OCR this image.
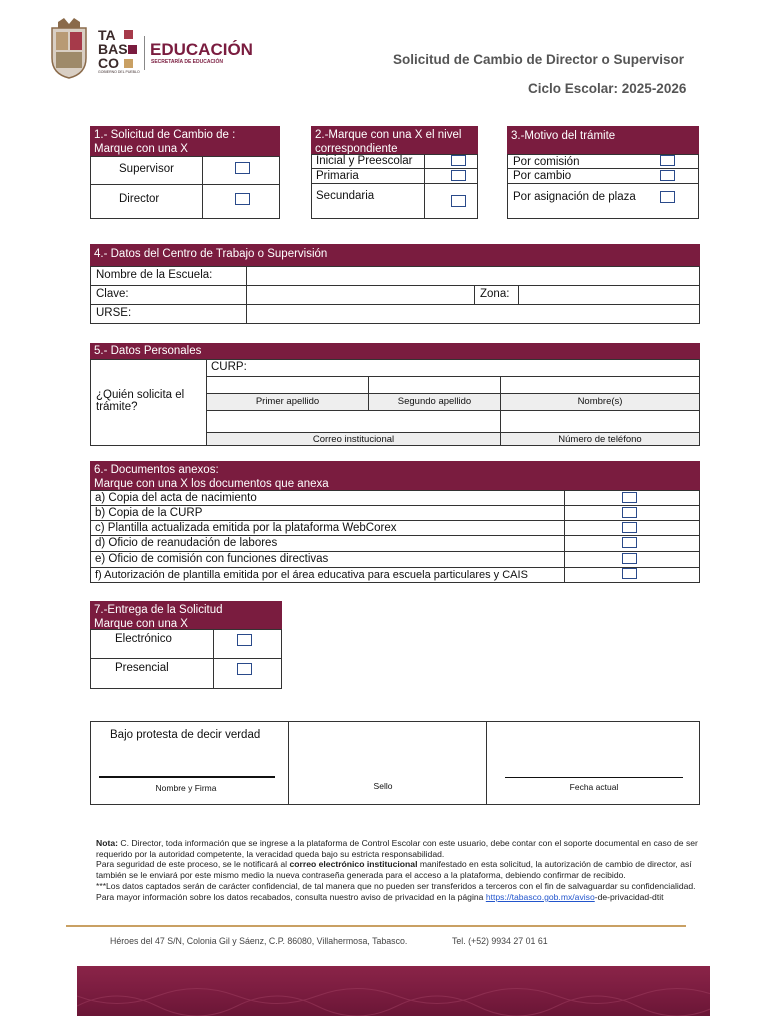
TA
BAS
CO
GOBIERNO DEL PUEBLO
EDUCACIÓN
SECRETARÍA DE EDUCACIÓN	Solicitud de Cambio de Director o Supervisor
Ciclo Escolar: 2025-2026
1.- Solicitud de Cambio de :
Marque con una X
Supervisor
Director
2.-Marque con una X el nivel correspondiente
Inicial y Preescolar
Primaria
Secundaria
3.-Motivo del trámite
Por comisión
Por cambio
Por asignación de plaza
4.- Datos del Centro de Trabajo o Supervisión
Nombre de la Escuela:
Clave:	Zona:
URSE:
5.- Datos Personales
¿Quién solicita el trámite?
CURP:
Primer apellido	Segundo apellido	Nombre(s)
Correo institucional	Número de teléfono
6.- Documentos anexos:
Marque con una X los documentos que anexa
a) Copia del acta de nacimiento
b) Copia de la CURP
c) Plantilla actualizada emitida por la plataforma WebCorex
d) Oficio de reanudación de labores
e) Oficio de comisión con funciones directivas
f) Autorización de plantilla emitida por el área educativa para escuela particulares y CAIS
7.-Entrega de la Solicitud
Marque con una X
Electrónico
Presencial
Bajo protesta de decir verdad
Nombre y Firma	Sello	Fecha actual
Nota: C. Director, toda información que se ingrese a la plataforma de Control Escolar con este usuario, debe contar con el soporte documental en caso de ser requerido por la autoridad competente, la veracidad queda bajo su estricta responsabilidad.
Para seguridad de este proceso, se le notificará al correo electrónico institucional manifestado en esta solicitud, la autorización de cambio de director, así también se le enviará por este mismo medio la nueva contraseña generada para el acceso a la plataforma, debiendo confirmar de recibido.
***Los datos captados serán de carácter confidencial, de tal manera que no pueden ser transferidos a terceros con el fin de salvaguardar su confidencialidad.
Para mayor información sobre los datos recabados, consulta nuestro aviso de privacidad en la página https://tabasco.gob.mx/aviso-de-privacidad-dtit
Héroes del 47 S/N, Colonia Gil y Sáenz, C.P. 86080, Villahermosa, Tabasco.	Tel. (+52) 9934 27 01 61
